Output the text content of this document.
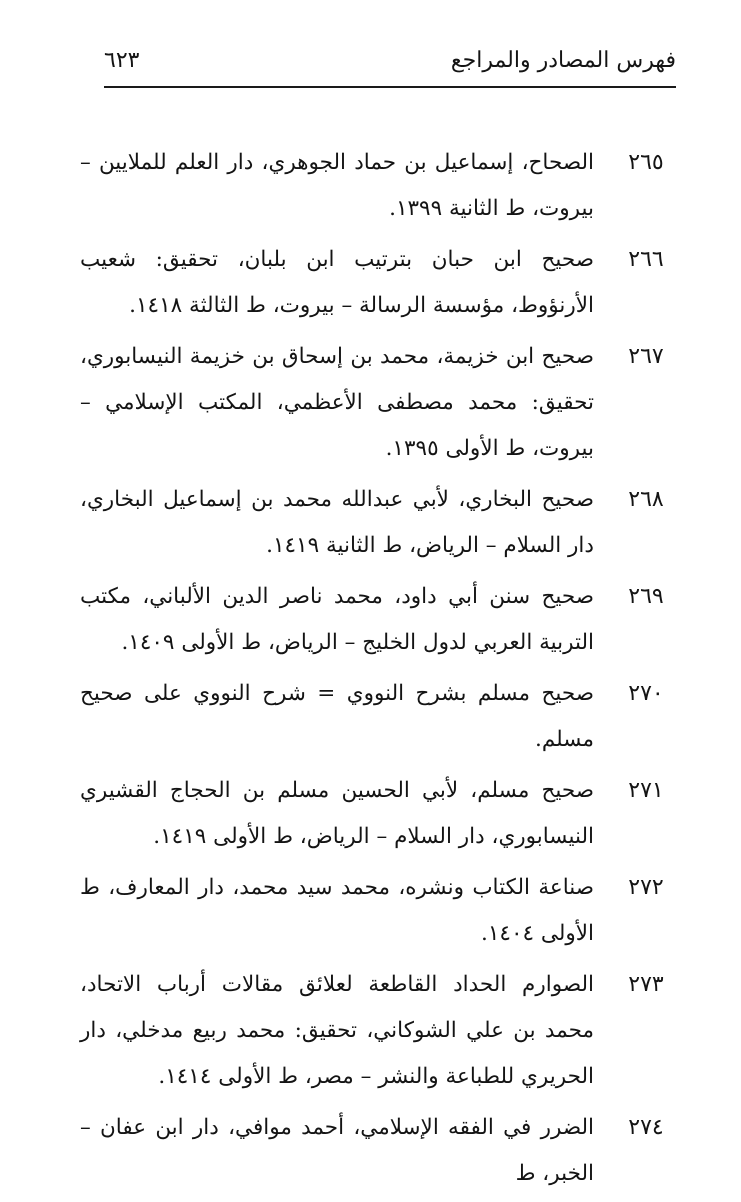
فهرس المصادر والمراجع
٦٢٣
٢٦٥
الصحاح، إسماعيل بن حماد الجوهري، دار العلم للملايين – بيروت، ط الثانية ١٣٩٩.
٢٦٦
صحيح ابن حبان بترتيب ابن بلبان، تحقيق: شعيب الأرنؤوط، مؤسسة الرسالة – بيروت، ط الثالثة ١٤١٨.
٢٦٧
صحيح ابن خزيمة، محمد بن إسحاق بن خزيمة النيسابوري، تحقيق: محمد مصطفى الأعظمي، المكتب الإسلامي – بيروت، ط الأولى ١٣٩٥.
٢٦٨
صحيح البخاري، لأبي عبدالله محمد بن إسماعيل البخاري، دار السلام – الرياض، ط الثانية ١٤١٩.
٢٦٩
صحيح سنن أبي داود، محمد ناصر الدين الألباني، مكتب التربية العربي لدول الخليج – الرياض، ط الأولى ١٤٠٩.
٢٧٠
صحيح مسلم بشرح النووي = شرح النووي على صحيح مسلم.
٢٧١
صحيح مسلم، لأبي الحسين مسلم بن الحجاج القشيري النيسابوري، دار السلام – الرياض، ط الأولى ١٤١٩.
٢٧٢
صناعة الكتاب ونشره، محمد سيد محمد، دار المعارف، ط الأولى ١٤٠٤.
٢٧٣
الصوارم الحداد القاطعة لعلائق مقالات أرباب الاتحاد، محمد بن علي الشوكاني، تحقيق: محمد ربيع مدخلي، دار الحريري للطباعة والنشر – مصر، ط الأولى ١٤١٤.
٢٧٤
الضرر في الفقه الإسلامي، أحمد موافي، دار ابن عفان – الخبر، ط
